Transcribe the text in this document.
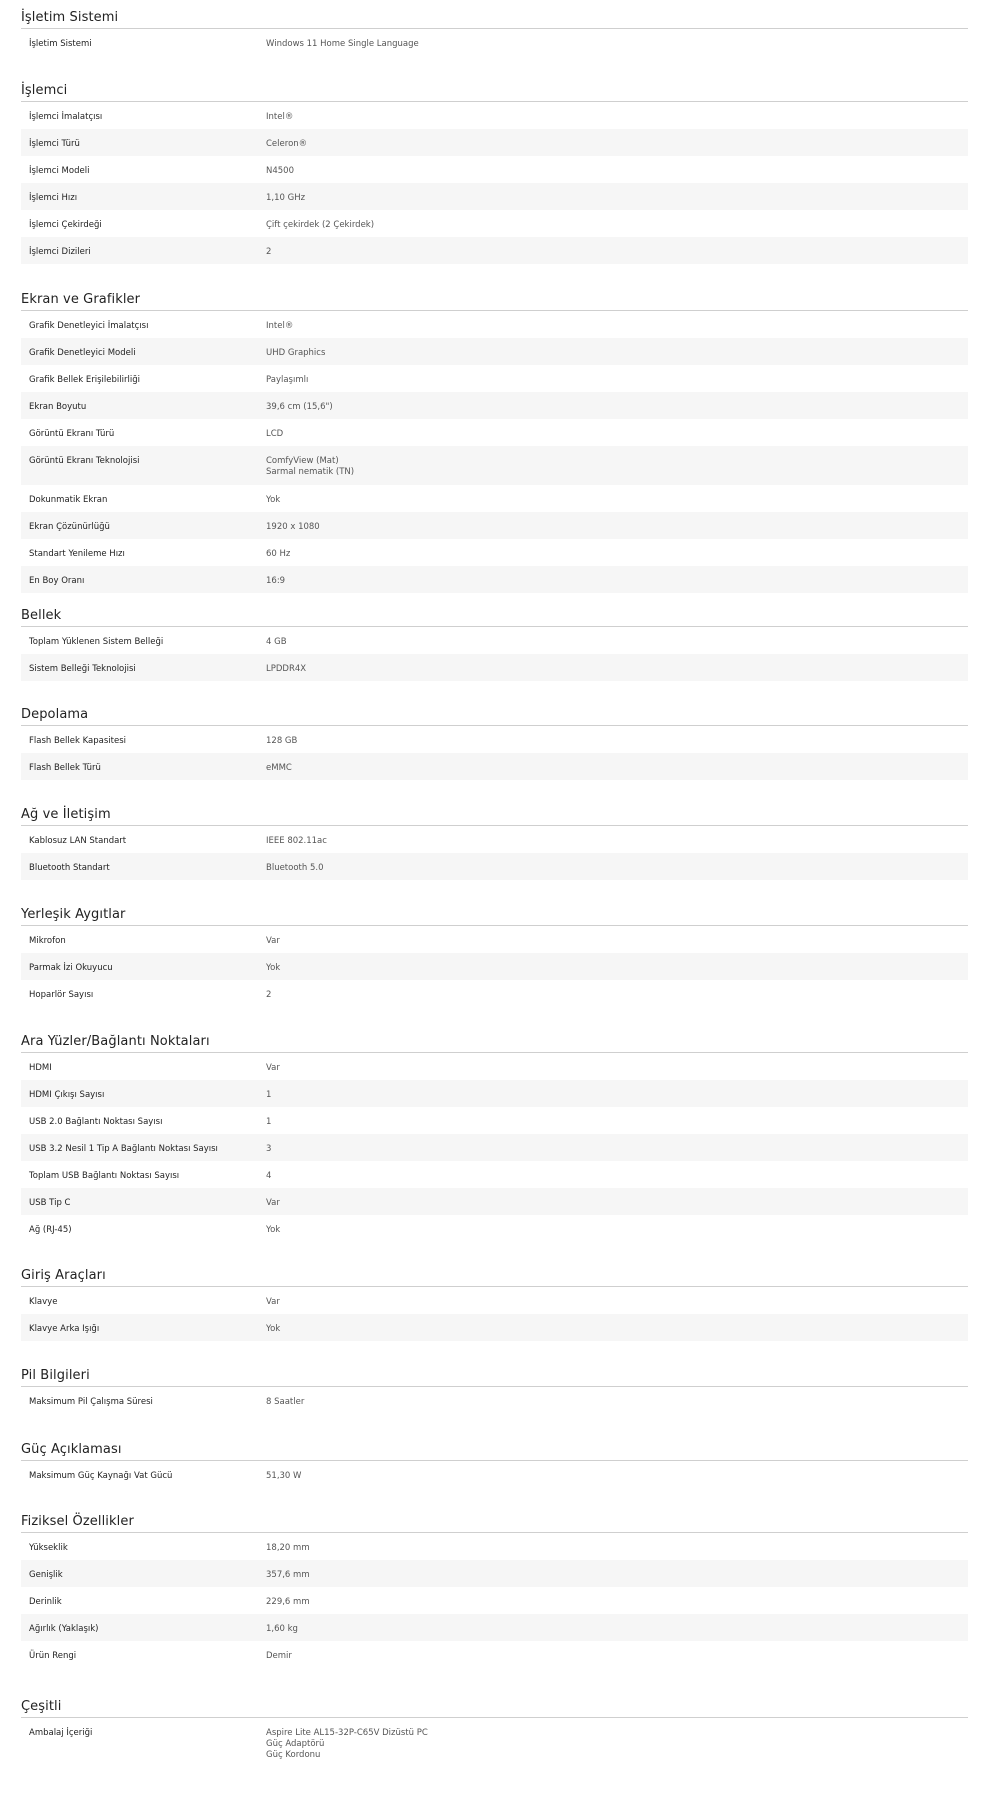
İşletim Sistemi
İşletim Sistemi	Windows 11 Home Single Language
İşlemci
İşlemci İmalatçısı	Intel®
İşlemci Türü	Celeron®
İşlemci Modeli	N4500
İşlemci Hızı	1,10 GHz
İşlemci Çekirdeği	Çift çekirdek (2 Çekirdek)
İşlemci Dizileri	2
Ekran ve Grafikler
Grafik Denetleyici İmalatçısı	Intel®
Grafik Denetleyici Modeli	UHD Graphics
Grafik Bellek Erişilebilirliği	Paylaşımlı
Ekran Boyutu	39,6 cm (15,6")
Görüntü Ekranı Türü	LCD
Görüntü Ekranı Teknolojisi	ComfyView (Mat)
Sarmal nematik (TN)
Dokunmatik Ekran	Yok
Ekran Çözünürlüğü	1920 x 1080
Standart Yenileme Hızı	60 Hz
En Boy Oranı	16:9
Bellek
Toplam Yüklenen Sistem Belleği	4 GB
Sistem Belleği Teknolojisi	LPDDR4X
Depolama
Flash Bellek Kapasitesi	128 GB
Flash Bellek Türü	eMMC
Ağ ve İletişim
Kablosuz LAN Standart	IEEE 802.11ac
Bluetooth Standart	Bluetooth 5.0
Yerleşik Aygıtlar
Mikrofon	Var
Parmak İzi Okuyucu	Yok
Hoparlör Sayısı	2
Ara Yüzler/Bağlantı Noktaları
HDMI	Var
HDMI Çıkışı Sayısı	1
USB 2.0 Bağlantı Noktası Sayısı	1
USB 3.2 Nesil 1 Tip A Bağlantı Noktası Sayısı	3
Toplam USB Bağlantı Noktası Sayısı	4
USB Tip C	Var
Ağ (RJ-45)	Yok
Giriş Araçları
Klavye	Var
Klavye Arka Işığı	Yok
Pil Bilgileri
Maksimum Pil Çalışma Süresi	8 Saatler
Güç Açıklaması
Maksimum Güç Kaynağı Vat Gücü	51,30 W
Fiziksel Özellikler
Yükseklik	18,20 mm
Genişlik	357,6 mm
Derinlik	229,6 mm
Ağırlık (Yaklaşık)	1,60 kg
Ürün Rengi	Demir
Çeşitli
Ambalaj İçeriği	Aspire Lite AL15-32P-C65V Dizüstü PC
Güç Adaptörü
Güç Kordonu
